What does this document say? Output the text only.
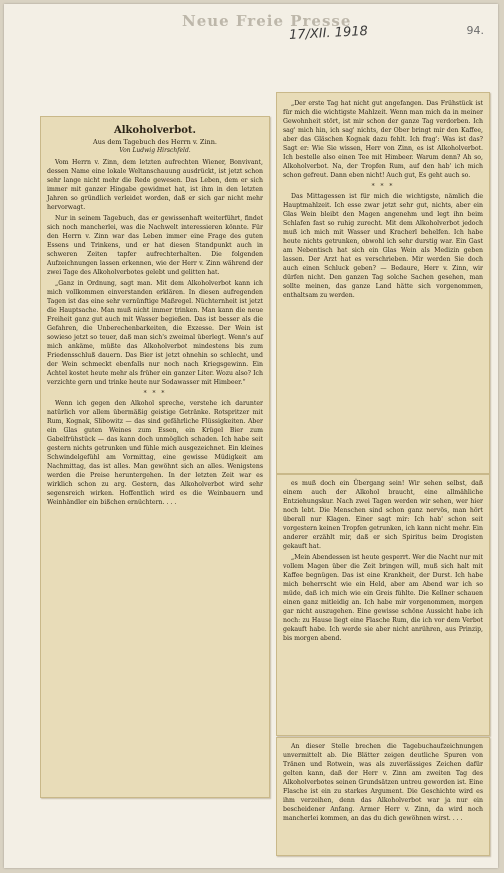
Neue Freie Presse
17/XII. 1918	94.
Alkoholverbot.
Aus dem Tagebuch des Herrn v. Zinn.
Von Ludwig Hirschfeld.

Vom Herrn v. Zinn, dem letzten aufrechten Wiener, Bonvivant, dessen Name eine lokale Weltanschauung ausdrückt, ist jetzt schon sehr lange nicht mehr die Rede gewesen. Das Leben, dem er sich immer mit ganzer Hingabe gewidmet hat, ist ihm in den letzten Jahren so gründlich verleidet worden, daß er sich gar nicht mehr hervorwagt.

Nur in seinem Tagebuch, das er gewissenhaft weiterführt, findet sich noch mancherlei, was die Nachwelt interessieren könnte. Für den Herrn v. Zinn war das Leben immer eine Frage des guten Essens und Trinkens, und er hat diesen Standpunkt auch in schweren Zeiten tapfer aufrechterhalten. Die folgenden Aufzeichnungen lassen erkennen, wie der Herr v. Zinn während der zwei Tage des Alkoholverbotes gelebt und gelitten hat.

„Ganz in Ordnung, sagt man. Mit dem Alkoholverbot kann ich mich vollkommen einverstanden erklären. In diesen aufregenden Tagen ist das eine sehr vernünftige Maßregel. Nüchternheit ist jetzt die Hauptsache. Man muß nicht immer trinken. Man kann die neue Freiheit ganz gut auch mit Wasser begießen. Das ist besser als die Gefahren, die Unberechenbarkeiten, die Exzesse. Der Wein ist sowieso jetzt so teuer, daß man sich's zweimal überlegt. Wenn's auf mich ankäme, müßte das Alkoholverbot mindestens bis zum Friedensschluß dauern. Das Bier ist jetzt ohnehin so schlecht, und der Wein schmeckt ebenfalls nur noch nach Kriegsgewinn. Ein Achtel kostet heute mehr als früher ein ganzer Liter. Wozu also? Ich verzichte gern und trinke heute nur Sodawasser mit Himbeer.“

* * *

Wenn ich gegen den Alkohol spreche, verstehe ich darunter natürlich vor allem übermäßig geistige Getränke. Rotspritzer mit Rum, Kognak, Slibowitz — das sind gefährliche Flüssigkeiten. Aber ein Glas guten Weines zum Essen, ein Krügel Bier zum Gabelfrühstück — das kann doch unmöglich schaden. Ich habe seit gestern nichts getrunken und fühle mich ausgezeichnet. Ein kleines Schwindelgefühl am Vormittag, eine gewisse Müdigkeit am Nachmittag, das ist alles. Man gewöhnt sich an alles. Wenigstens werden die Preise heruntergehen. In der letzten Zeit war es wirklich schon zu arg. Gestern, das Alkoholverbot wird sehr segensreich wirken. Hoffentlich wird es die Weinbauern und Weinhändler ein bißchen ernüchtern. . . .

„Der erste Tag hat nicht gut angefangen. Das Frühstück ist für mich die wichtigste Mahlzeit. Wenn man mich da in meiner Gewohnheit stört, ist mir schon der ganze Tag verdorben. Ich sag' mich hin, ich sag' nichts, der Ober bringt mir den Kaffee, aber das Gläschen Kognak dazu fehlt. Ich frag': Was ist das? Sagt er: Wie Sie wissen, Herr von Zinn, es ist Alkoholverbot. Ich bestelle also einen Tee mit Himbeer. Warum denn? Ah so, Alkoholverbot. Na, der Tropfen Rum, auf den hab' ich mich schon gefreut. Dann eben nicht! Auch gut, Es geht auch so.

* * *

Das Mittagessen ist für mich die wichtigste, nämlich die Hauptmahlzeit. Ich esse zwar jetzt sehr gut, nichts, aber ein Glas Wein bleibt den Magen angenehm und legt ihn beim Schlafen fast so ruhig zurecht. Mit dem Alkoholverbot jedoch muß ich mich mit Wasser und Kracherl behelfen. Ich habe heute nichts getrunken, obwohl ich sehr durstig war. Ein Gast am Nebentisch hat sich ein Glas Wein als Medizin geben lassen. Der Arzt hat es verschrieben. Mir werden Sie doch auch einen Schluck geben? — Bedaure, Herr v. Zinn, wir dürfen nicht. Den ganzen Tag solche Sachen gesehen, man sollte meinen, das ganze Land hätte sich vorgenommen, enthaltsam zu werden.

es muß doch ein Übergang sein! Wir sehen selbst, daß einem auch der Alkohol braucht, eine allmähliche Entziehungskur. Nach zwei Tagen werden wir sehen, wer hier noch lebt. Die Menschen sind schon ganz nervös, man hört überall nur Klagen. Einer sagt mir: Ich hab' schon seit vorgestern keinen Tropfen getrunken, ich kann nicht mehr. Ein anderer erzählt mir, daß er sich Spiritus beim Drogisten gekauft hat.

„Mein Abendessen ist heute gesperrt. Wer die Nacht nur mit vollem Magen über die Zeit bringen will, muß sich halt mit Kaffee begnügen. Das ist eine Krankheit, der Durst. Ich habe mich beherrscht wie ein Held, aber am Abend war ich so müde, daß ich mich wie ein Greis fühlte. Die Kellner schauen einen ganz mitleidig an. Ich habe mir vorgenommen, morgen gar nicht auszugehen. Eine gewisse schöne Aussicht habe ich noch: zu Hause liegt eine Flasche Rum, die ich vor dem Verbot gekauft habe. Ich werde sie aber nicht anrühren, aus Prinzip, bis morgen abend.

An dieser Stelle brechen die Tagebuchaufzeichnungen unvermittelt ab. Die Blätter zeigen deutliche Spuren von Tränen und Rotwein, was als zuverlässiges Zeichen dafür gelten kann, daß der Herr v. Zinn am zweiten Tag des Alkoholverbotes seinen Grundsätzen untreu geworden ist. Eine Flasche ist ein zu starkes Argument. Die Geschichte wird es ihm verzeihen, denn das Alkoholverbot war ja nur ein bescheidener Anfang. Armer Herr v. Zinn, da wird noch mancherlei kommen, an das du dich gewöhnen wirst. . . .
